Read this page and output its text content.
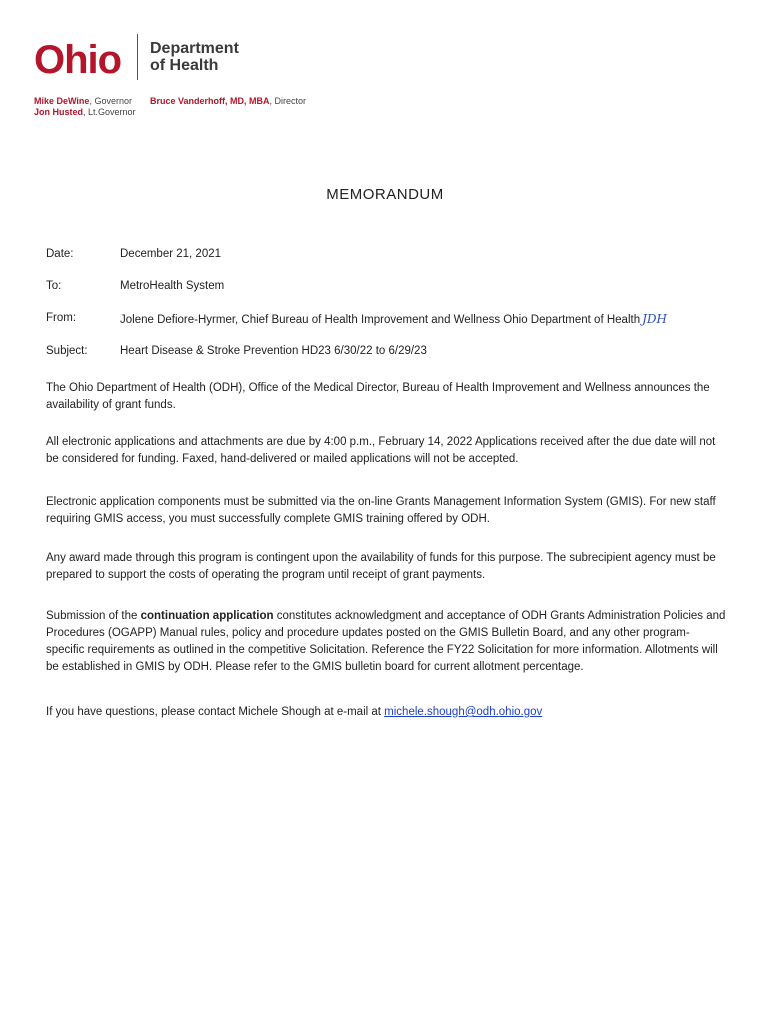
Ohio Department
of Health
Mike DeWine, Governor
Jon Husted, Lt.Governor
Bruce Vanderhoff, MD, MBA, Director
MEMORANDUM
Date:	December 21, 2021
To:	MetroHealth System
From:	Jolene Defiore-Hyrmer, Chief Bureau of Health Improvement and Wellness Ohio Department of Health JDH
Subject:	Heart Disease & Stroke Prevention HD23 6/30/22 to 6/29/23

The Ohio Department of Health (ODH), Office of the Medical Director, Bureau of Health Improvement and Wellness announces the availability of grant funds.

All electronic applications and attachments are due by 4:00 p.m., February 14, 2022 Applications received after the due date will not be considered for funding. Faxed, hand-delivered or mailed applications will not be accepted.

Electronic application components must be submitted via the on-line Grants Management Information System (GMIS). For new staff requiring GMIS access, you must successfully complete GMIS training offered by ODH.

Any award made through this program is contingent upon the availability of funds for this purpose. The subrecipient agency must be prepared to support the costs of operating the program until receipt of grant payments.

Submission of the continuation application constitutes acknowledgment and acceptance of ODH Grants Administration Policies and Procedures (OGAPP) Manual rules, policy and procedure updates posted on the GMIS Bulletin Board, and any other program-specific requirements as outlined in the competitive Solicitation. Reference the FY22 Solicitation for more information. Allotments will be established in GMIS by ODH. Please refer to the GMIS bulletin board for current allotment percentage.

If you have questions, please contact Michele Shough at e-mail at michele.shough@odh.ohio.gov
